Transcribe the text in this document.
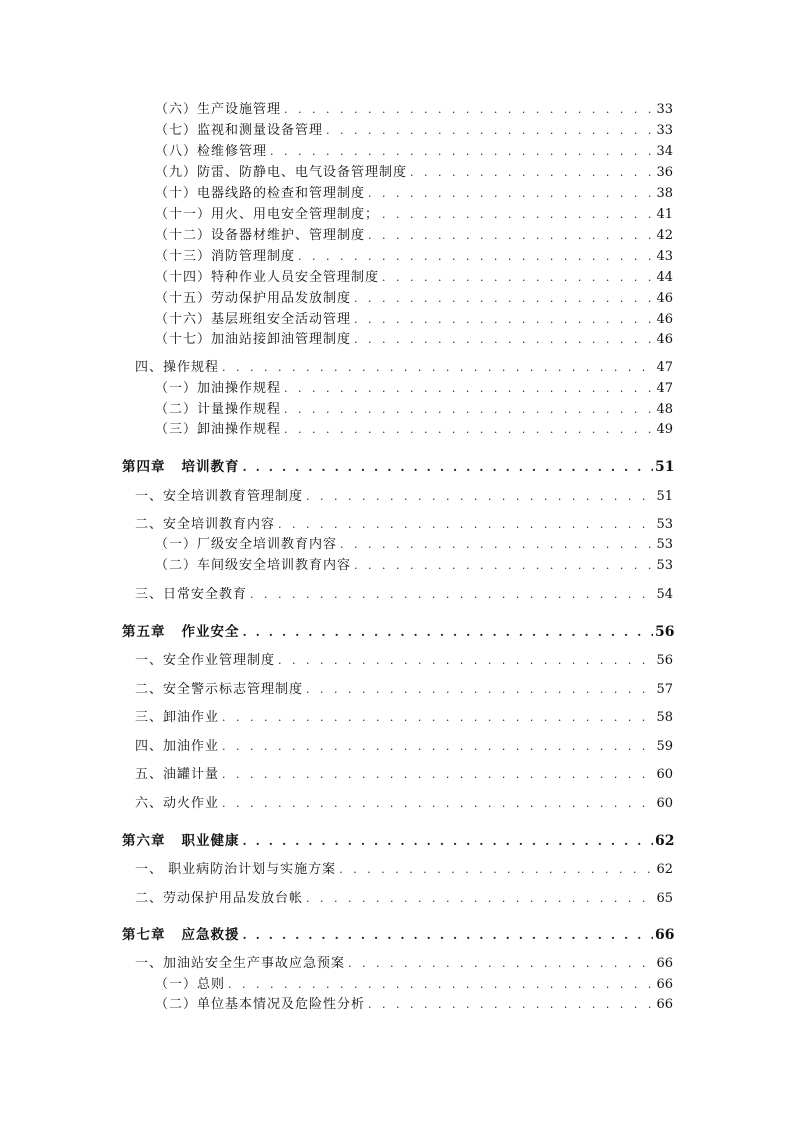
（六）生产设施管理 . . .	33
（七）监视和测量设备管理 . . .	33
（八）检维修管理 . . .	34
（九）防雷、防静电、电气设备管理制度 . . .	36
（十）电器线路的检查和管理制度 . . .	38
（十一）用火、用电安全管理制度； . . .	41
（十二）设备器材维护、管理制度 . . .	42
（十三）消防管理制度 . . .	43
（十四）特种作业人员安全管理制度 . . .	44
（十五）劳动保护用品发放制度 . . .	46
（十六）基层班组安全活动管理 . . .	46
（十七）加油站接卸油管理制度 . . .	46
四、操作规程 . . .	47
（一）加油操作规程 . . .	47
（二）计量操作规程 . . .	48
（三）卸油操作规程 . . .	49
第四章 培训教育 . . .	51
一、安全培训教育管理制度 . . .	51
二、安全培训教育内容 . . .	53
（一）厂级安全培训教育内容 . . .	53
（二）车间级安全培训教育内容 . . .	53
三、日常安全教育 . . .	54
第五章 作业安全 . . .	56
一、安全作业管理制度 . . .	56
二、安全警示标志管理制度 . . .	57
三、卸油作业 . . .	58
四、加油作业 . . .	59
五、油罐计量 . . .	60
六、动火作业 . . .	60
第六章 职业健康 . . .	62
一、 职业病防治计划与实施方案 . . .	62
二、劳动保护用品发放台帐 . . .	65
第七章 应急救援 . . .	66
一、加油站安全生产事故应急预案 . . .	66
（一）总则 . . .	66
（二）单位基本情况及危险性分析 . . .	66
